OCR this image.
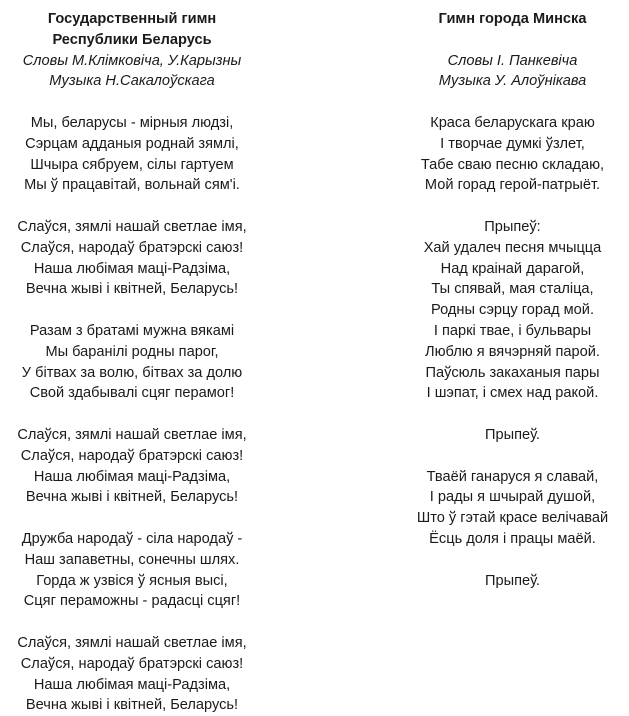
Государственный гимн

Республики Беларусь

Словы М.Клімковіча, У.Карызны

Музыка Н.Сакалоўскага

Мы, беларусы - мірныя людзі,

Сэрцам адданыя роднай зямлі,

Шчыра сябруем, сілы гартуем

Мы ў працавітай, вольнай сям'і.

Слаўся, зямлі нашай светлае імя,

Слаўся, народаў братэрскі саюз!

Наша любімая маці-Радзіма,

Вечна жыві і квітней, Беларусь!

Разам з братамі мужна вякамі

Мы баранілі родны парог,

У бітвах за волю, бітвах за долю

Свой здабывалі сцяг перамог!

Слаўся, зямлі нашай светлае імя,

Слаўся, народаў братэрскі саюз!

Наша любімая маці-Радзіма,

Вечна жыві і квітней, Беларусь!

Дружба народаў - сіла народаў -

Наш запаветны, сонечны шлях.

Горда ж узвіся ў ясныя высі,

Сцяг пераможны - радасці сцяг!

Слаўся, зямлі нашай светлае імя,

Слаўся, народаў братэрскі саюз!

Наша любімая маці-Радзіма,

Вечна жыві і квітней, Беларусь!

Гимн города Минска

Словы І. Панкевіча

Музыка У. Алоўнікава

Краса беларускага краю

І творчае думкі ўзлет,

Табе сваю песню складаю,

Мой горад герой-патрыёт.

Прыпеў:

Хай удалеч песня мчыцца

Над краінай дарагой,

Ты спявай, мая сталіца,

Родны сэрцу горад мой.

І паркі твае, і бульвары

Люблю я вячэрняй парой.

Паўсюль закаханыя пары

І шэпат, і смех над ракой.

Прыпеў.

Тваёй ганаруся я славай,

І рады я шчырай душой,

Што ў гэтай красе велічавай

Ёсць доля і працы маёй.

Прыпеў.
